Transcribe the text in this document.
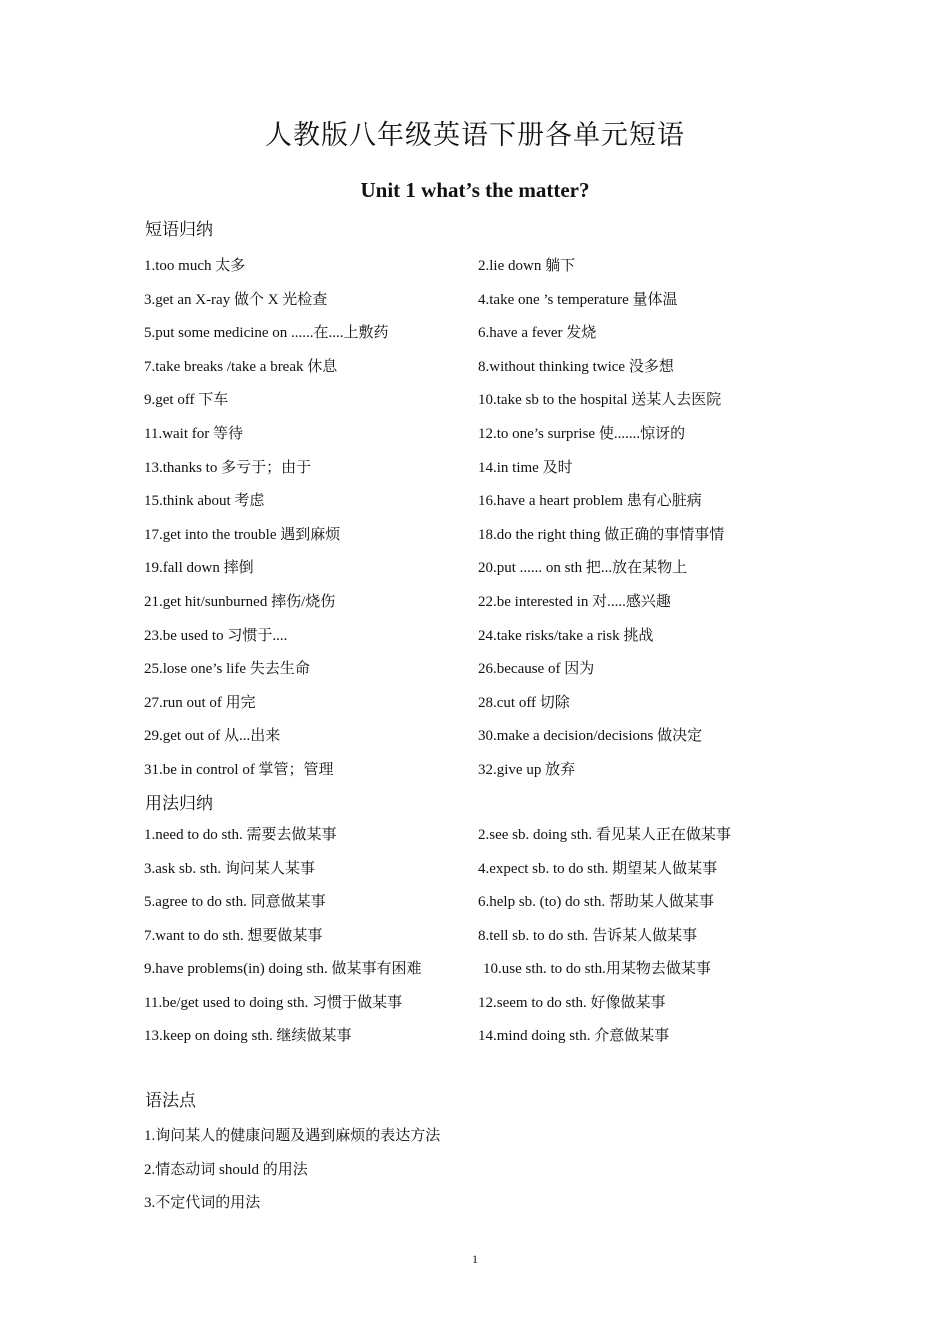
人教版八年级英语下册各单元短语
Unit 1 what’s the matter?
短语归纳
1.too much 太多	2.lie down 躺下
3.get an X-ray 做个 X 光检查	4.take one ’s temperature 量体温
5.put some medicine on ......在....上敷药	6.have a fever 发烧
7.take breaks /take a break 休息	8.without thinking twice 没多想
9.get off 下车	10.take sb to the hospital 送某人去医院
11.wait for 等待	12.to one’s surprise 使.......惊讶的
13.thanks to 多亏于；由于	14.in time 及时
15.think about 考虑	16.have a heart problem 患有心脏病
17.get into the trouble 遇到麻烦	18.do the right thing 做正确的事情事情
19.fall down 摔倒	20.put ...... on sth 把...放在某物上
21.get hit/sunburned 摔伤/烧伤	22.be interested in 对.....感兴趣
23.be used to 习惯于....	24.take risks/take a risk 挑战
25.lose one’s life 失去生命	26.because of 因为
27.run out of 用完	28.cut off 切除
29.get out of 从...出来	30.make a decision/decisions 做决定
31.be in control of 掌管；管理	32.give up 放弃
用法归纳
1.need to do sth. 需要去做某事	2.see sb. doing sth. 看见某人正在做某事
3.ask sb. sth. 询问某人某事	4.expect sb. to do sth. 期望某人做某事
5.agree to do sth. 同意做某事	6.help sb. (to) do sth. 帮助某人做某事
7.want to do sth. 想要做某事	8.tell sb. to do sth. 告诉某人做某事
9.have problems(in) doing sth. 做某事有困难	10.use sth. to do sth.用某物去做某事
11.be/get used to doing sth. 习惯于做某事	12.seem to do sth. 好像做某事
13.keep on doing sth. 继续做某事	14.mind doing sth. 介意做某事
语法点
1.询问某人的健康问题及遇到麻烦的表达方法
2.情态动词 should 的用法
3.不定代词的用法
1
